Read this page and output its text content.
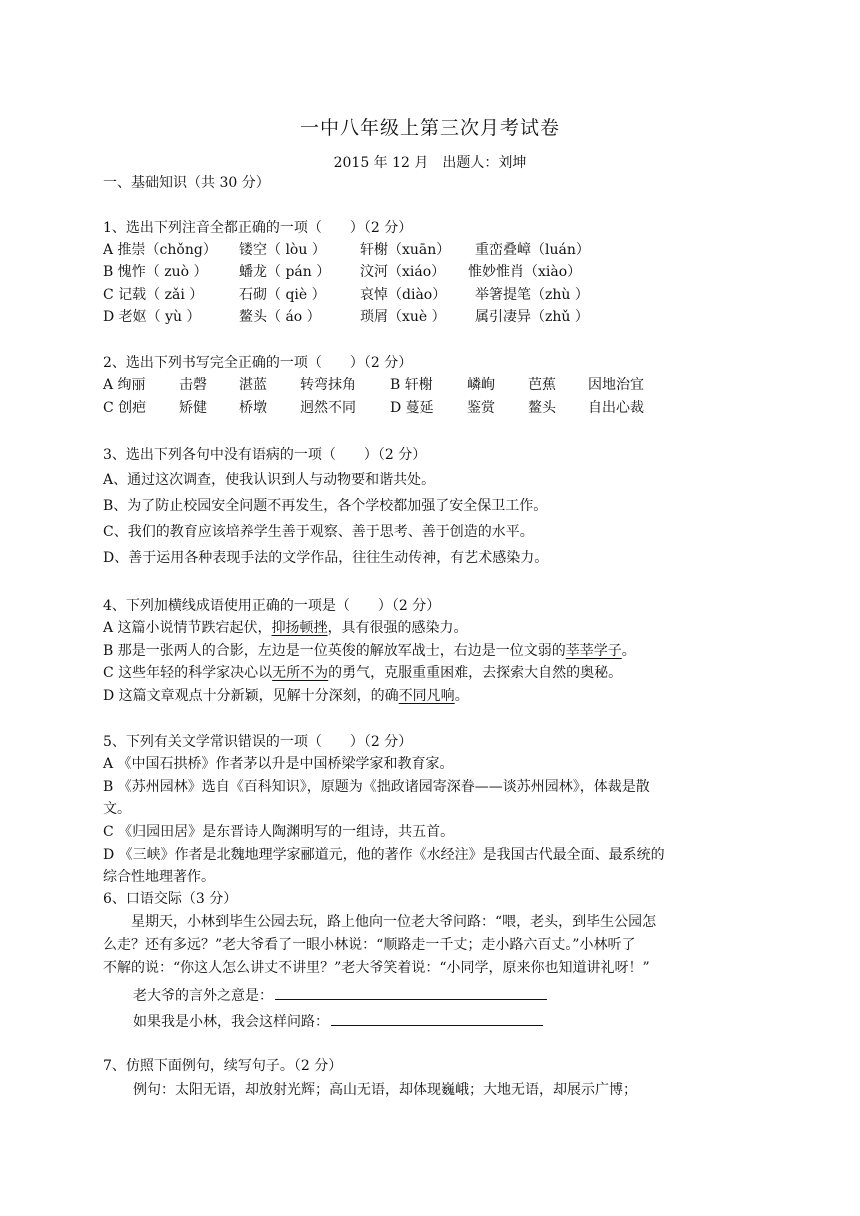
一中八年级上第三次月考试卷
2015 年 12 月　出题人：刘坤
一、基础知识（共 30 分）
1、选出下列注音全都正确的一项（　　）（2 分）
A 推崇（chǒng） 镂空（ lòu ） 轩榭（xuān） 重峦叠嶂（luán）
B 愧怍（ zuò ） 蟠龙（ pán ） 汶河（xiáo） 惟妙惟肖（xiào）
C 记载（ zǎi ）	石砌（ qiè ） 哀悼（diào） 举箸提笔（zhù ）
D 老妪（ yù ）	鳌头（ áo ）	琐屑（xuè ） 属引凄异（zhǔ ）
2、选出下列书写完全正确的一项（　　）（2 分）
A 绚丽 击磬 湛蓝 转弯抹角 B 轩榭 嶙峋 芭蕉 因地治宜
C 创疤 矫健 桥墩 迥然不同 D 蔓延 鉴赏 鳌头 自出心裁
3、选出下列各句中没有语病的一项（　　）（2 分）
A、通过这次调查，使我认识到人与动物要和谐共处。
B、为了防止校园安全问题不再发生，各个学校都加强了安全保卫工作。
C、我们的教育应该培养学生善于观察、善于思考、善于创造的水平。
D、善于运用各种表现手法的文学作品，往往生动传神，有艺术感染力。
4、下列加横线成语使用正确的一项是（　　）（2 分）
A 这篇小说情节跌宕起伏，抑扬顿挫，具有很强的感染力。
B 那是一张两人的合影，左边是一位英俊的解放军战士，右边是一位文弱的莘莘学子。
C 这些年轻的科学家决心以无所不为的勇气，克服重重困难，去探索大自然的奥秘。
D 这篇文章观点十分新颖，见解十分深刻，的确不同凡响。
5、下列有关文学常识错误的一项（　　）（2 分）
A 《中国石拱桥》作者茅以升是中国桥梁学家和教育家。
B 《苏州园林》选自《百科知识》，原题为《拙政诸园寄深眷——谈苏州园林》，体裁是散
文。
C 《归园田居》是东晋诗人陶渊明写的一组诗，共五首。
D 《三峡》作者是北魏地理学家郦道元，他的著作《水经注》是我国古代最全面、最系统的
综合性地理著作。
6、口语交际（3 分）
　　星期天，小林到毕生公园去玩，路上他向一位老大爷问路：“喂，老头，到毕生公园怎
么走？还有多远？”老大爷看了一眼小林说：“顺路走一千丈；走小路六百丈。”小林听了
不解的说：“你这人怎么讲丈不讲里？”老大爷笑着说：“小同学，原来你也知道讲礼呀！”
老大爷的言外之意是：
如果我是小林，我会这样问路：
7、仿照下面例句，续写句子。（2 分）
例句：太阳无语，却放射光辉；高山无语，却体现巍峨；大地无语，却展示广博；
